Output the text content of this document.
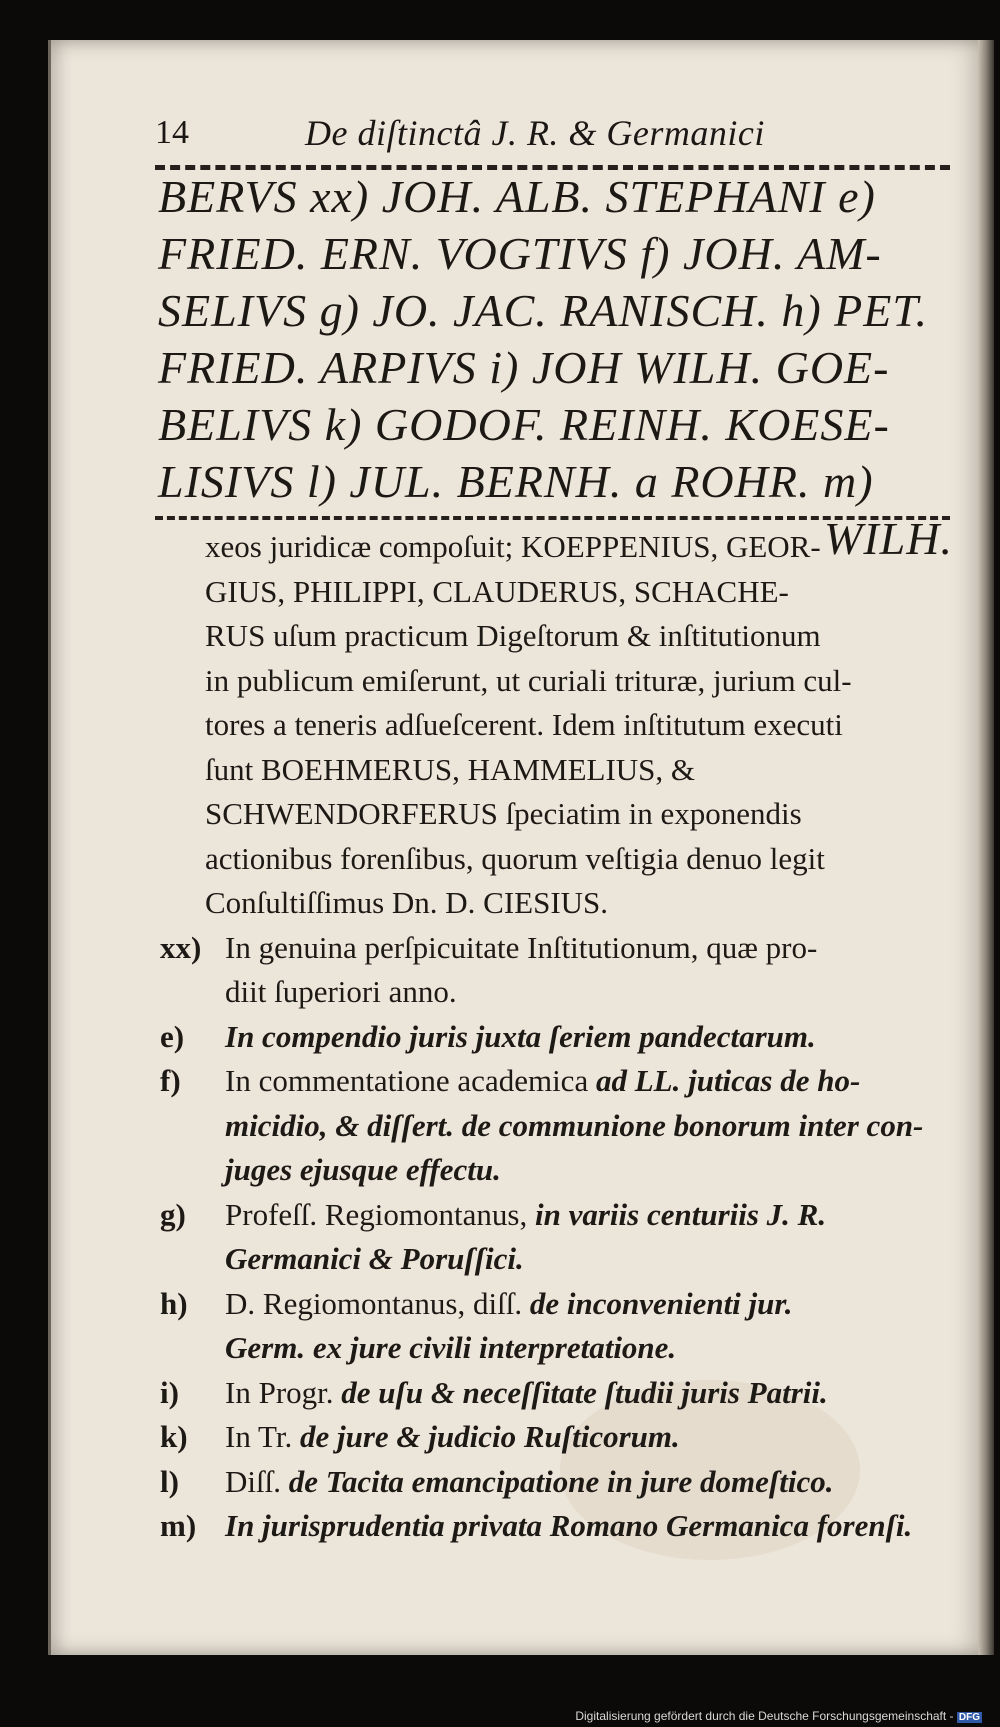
14	De diſtinctâ J. R. & Germanici
BERVS xx) JOH. ALB. STEPHANI e)
FRIED. ERN. VOGTIVS f) JOH. AM-
SELIVS g) JO. JAC. RANISCH. h) PET.
FRIED. ARPIVS i) JOH WILH. GOE-
BELIVS k) GODOF. REINH. KOESE-
LISIVS l) JUL. BERNH. a ROHR. m)
WILH.
xeos juridicæ compoſuit; KOEPPENIUS, GEOR-
GIUS, PHILIPPI, CLAUDERUS, SCHACHE-
RUS uſum practicum Digeſtorum & inſtitutionum
in publicum emiſerunt, ut curiali trituræ, jurium cul-
tores a teneris adſueſcerent. Idem inſtitutum executi
ſunt BOEHMERUS, HAMMELIUS, &
SCHWENDORFERUS ſpeciatim in exponendis
actionibus forenſibus, quorum veſtigia denuo legit
Conſultiſſimus Dn. D. CIESIUS.
xx) In genuina perſpicuitate Inſtitutionum, quæ pro-
diit ſuperiori anno.
e)	In compendio juris juxta ſeriem pandectarum.
f)	In commentatione academica ad LL. juticas de ho-
micidio, & diſſert. de communione bonorum inter con-
juges ejusque effectu.
g)	Profeſſ. Regiomontanus, in variis centuriis J. R.
Germanici & Poruſſici.
h)	D. Regiomontanus, diſſ. de inconvenienti jur.
Germ. ex jure civili interpretatione.
i)	In Progr. de uſu & neceſſitate ſtudii juris Patrii.
k)	In Tr. de jure & judicio Ruſticorum.
l)	Diſſ. de Tacita emancipatione in jure domeſtico.
m) In jurisprudentia privata Romano Germanica forenſi.
Digitalisierung gefördert durch die Deutsche Forschungsgemeinschaft - DFG
